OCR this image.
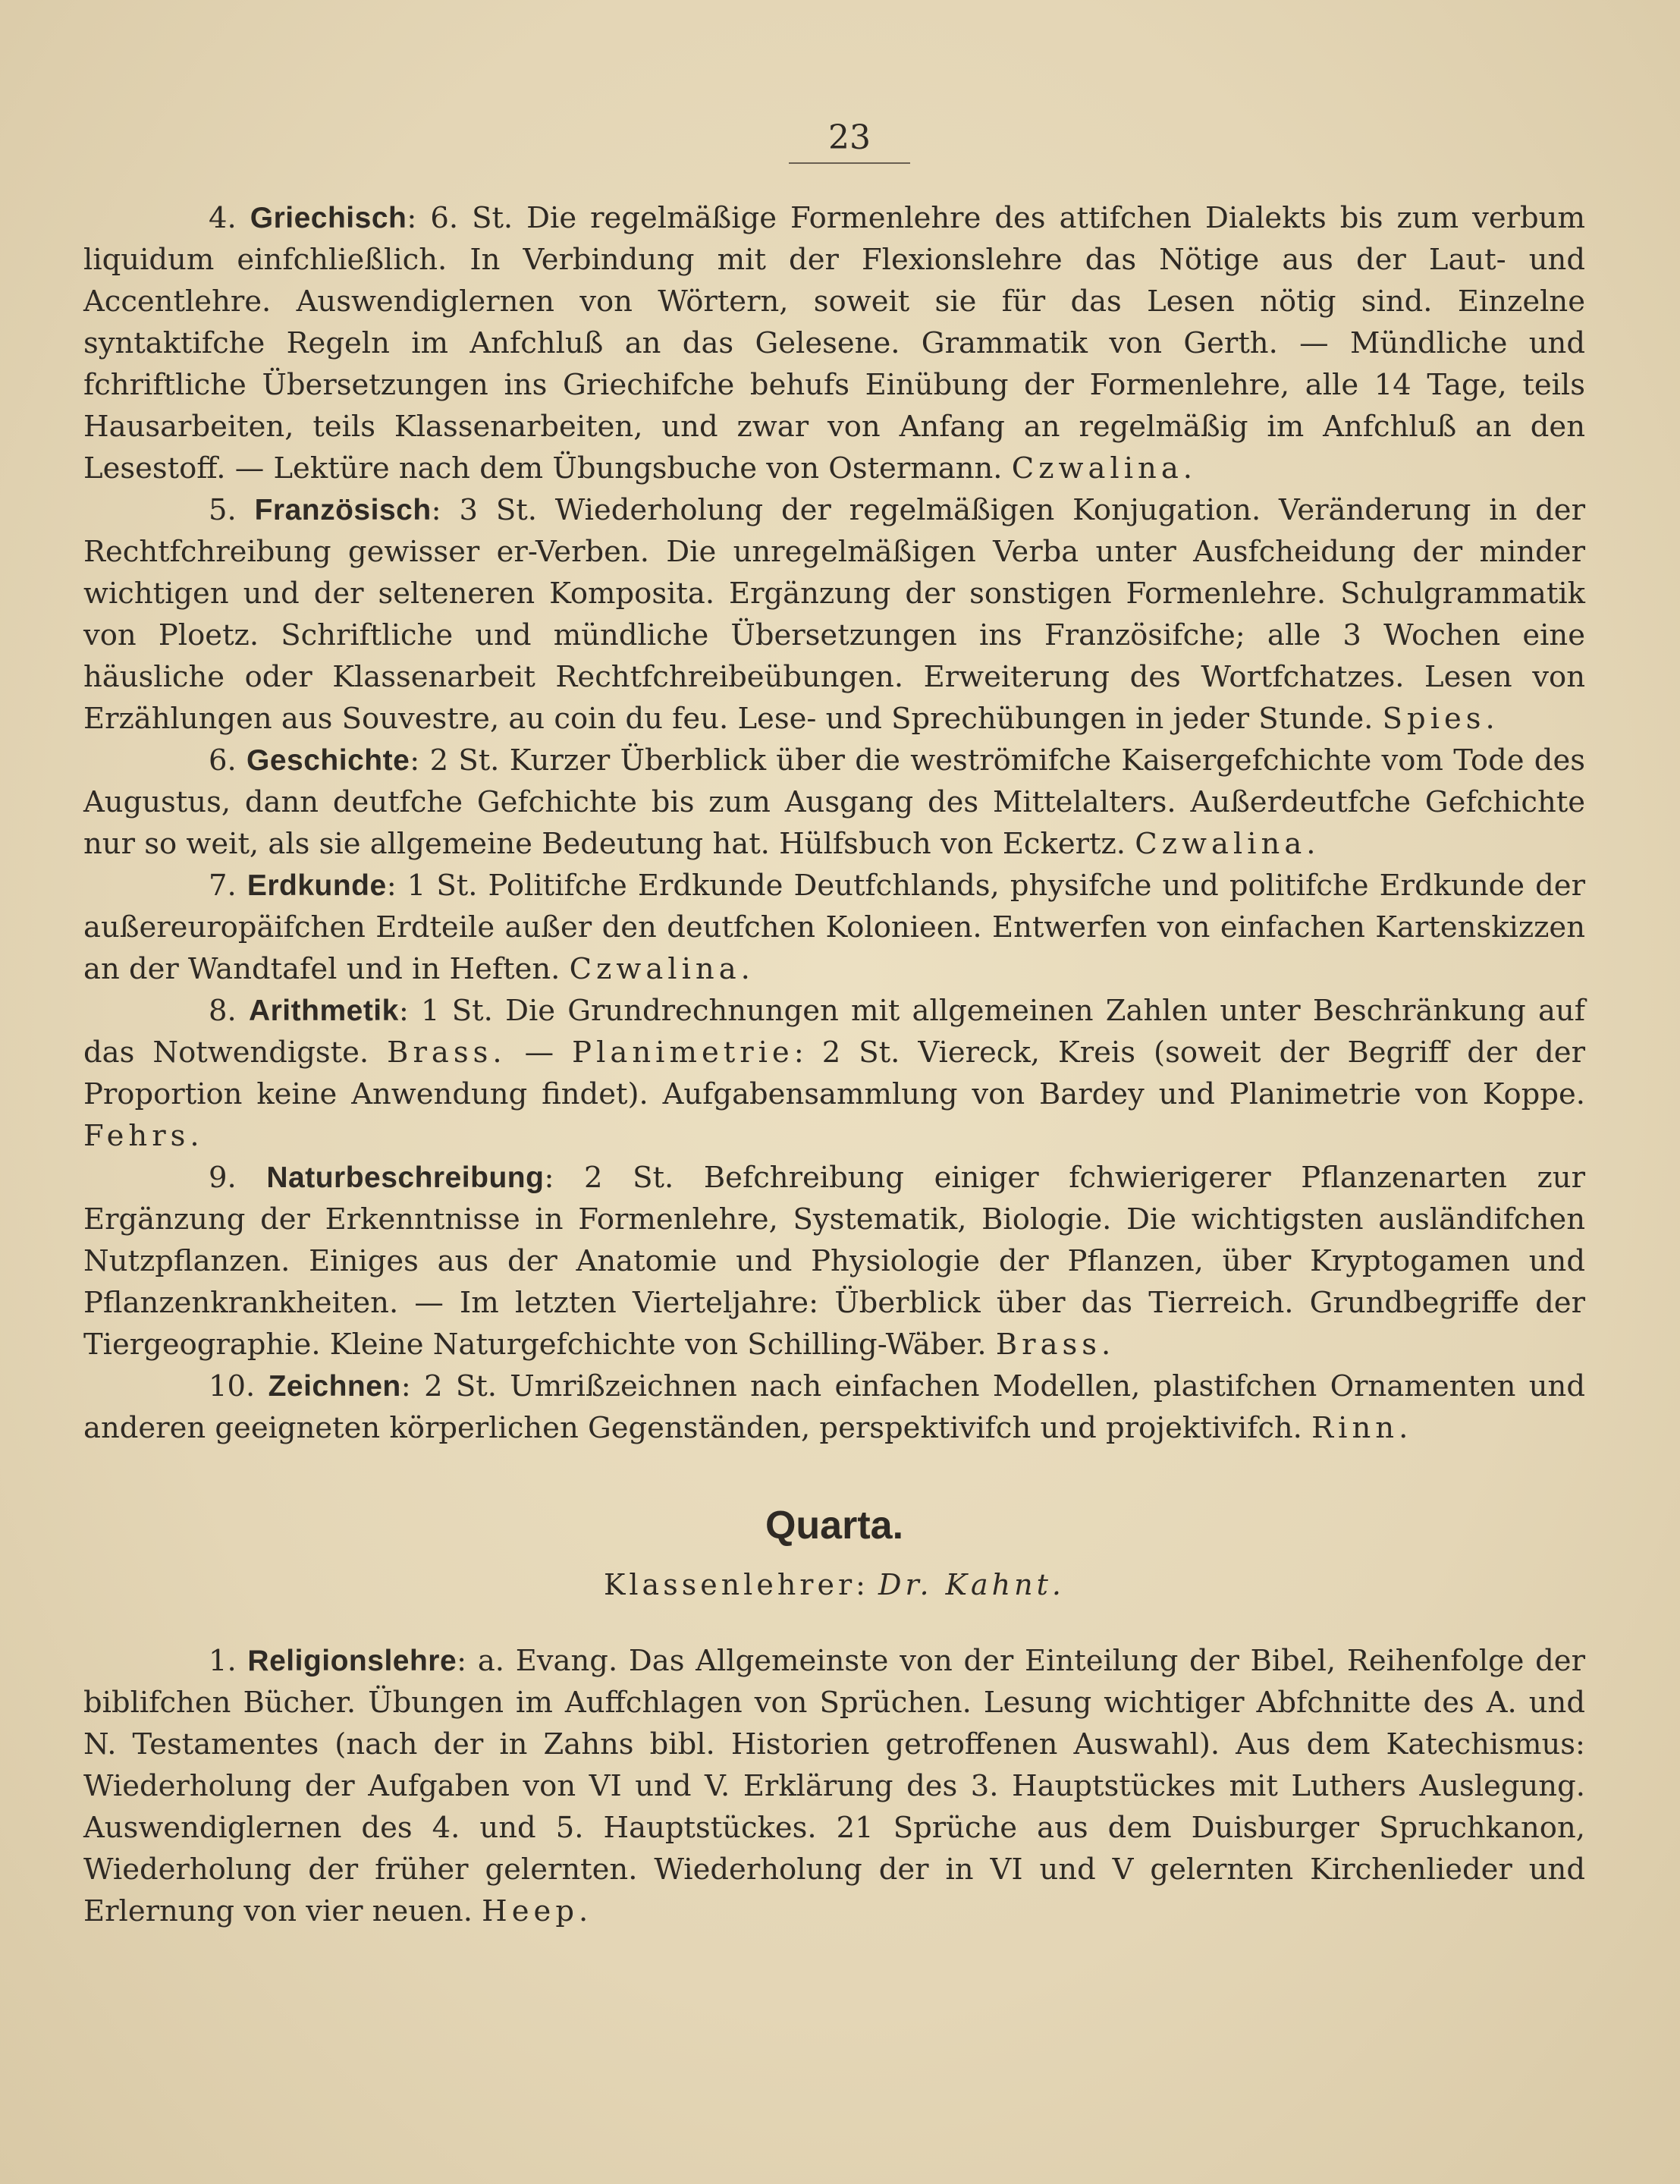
23

4. Griechisch: 6. St. Die regelmäßige Formenlehre des attifchen Dialekts bis zum verbum liquidum einfchließlich. In Verbindung mit der Flexionslehre das Nötige aus der Laut- und Accentlehre. Auswendiglernen von Wörtern, soweit sie für das Lesen nötig sind. Einzelne syntaktifche Regeln im Anfchluß an das Gelesene. Grammatik von Gerth. — Mündliche und fchriftliche Übersetzungen ins Griechifche behufs Einübung der Formenlehre, alle 14 Tage, teils Hausarbeiten, teils Klassenarbeiten, und zwar von Anfang an regelmäßig im Anfchluß an den Lesestoff. — Lektüre nach dem Übungsbuche von Ostermann. Czwalina.

5. Französisch: 3 St. Wiederholung der regelmäßigen Konjugation. Veränderung in der Rechtfchreibung gewisser er-Verben. Die unregelmäßigen Verba unter Ausfcheidung der minder wichtigen und der selteneren Komposita. Ergänzung der sonstigen Formenlehre. Schulgrammatik von Ploetz. Schriftliche und mündliche Übersetzungen ins Französifche; alle 3 Wochen eine häusliche oder Klassenarbeit Rechtfchreibeübungen. Erweiterung des Wortfchatzes. Lesen von Erzählungen aus Souvestre, au coin du feu. Lese- und Sprechübungen in jeder Stunde. Spies.

6. Geschichte: 2 St. Kurzer Überblick über die weströmifche Kaisergefchichte vom Tode des Augustus, dann deutfche Gefchichte bis zum Ausgang des Mittelalters. Außerdeutfche Gefchichte nur so weit, als sie allgemeine Bedeutung hat. Hülfsbuch von Eckertz. Czwalina.

7. Erdkunde: 1 St. Politifche Erdkunde Deutfchlands, physifche und politifche Erdkunde der außereuropäifchen Erdteile außer den deutfchen Kolonieen. Entwerfen von einfachen Kartenskizzen an der Wandtafel und in Heften. Czwalina.

8. Arithmetik: 1 St. Die Grundrechnungen mit allgemeinen Zahlen unter Beschränkung auf das Notwendigste. Brass. — Planimetrie: 2 St. Viereck, Kreis (soweit der Begriff der der Proportion keine Anwendung findet). Aufgabensammlung von Bardey und Planimetrie von Koppe. Fehrs.

9. Naturbeschreibung: 2 St. Befchreibung einiger fchwierigerer Pflanzenarten zur Ergänzung der Erkenntnisse in Formenlehre, Systematik, Biologie. Die wichtigsten ausländifchen Nutzpflanzen. Einiges aus der Anatomie und Physiologie der Pflanzen, über Kryptogamen und Pflanzenkrankheiten. — Im letzten Vierteljahre: Überblick über das Tierreich. Grundbegriffe der Tiergeographie. Kleine Naturgefchichte von Schilling-Wäber. Brass.

10. Zeichnen: 2 St. Umrißzeichnen nach einfachen Modellen, plastifchen Ornamenten und anderen geeigneten körperlichen Gegenständen, perspektivifch und projektivifch. Rinn.

Quarta.
Klassenlehrer: Dr. Kahnt.

1. Religionslehre: a. Evang. Das Allgemeinste von der Einteilung der Bibel, Reihenfolge der biblifchen Bücher. Übungen im Auffchlagen von Sprüchen. Lesung wichtiger Abfchnitte des A. und N. Testamentes (nach der in Zahns bibl. Historien getroffenen Auswahl). Aus dem Katechismus: Wiederholung der Aufgaben von VI und V. Erklärung des 3. Hauptstückes mit Luthers Auslegung. Auswendiglernen des 4. und 5. Hauptstückes. 21 Sprüche aus dem Duisburger Spruchkanon, Wiederholung der früher gelernten. Wiederholung der in VI und V gelernten Kirchenlieder und Erlernung von vier neuen. Heep.
